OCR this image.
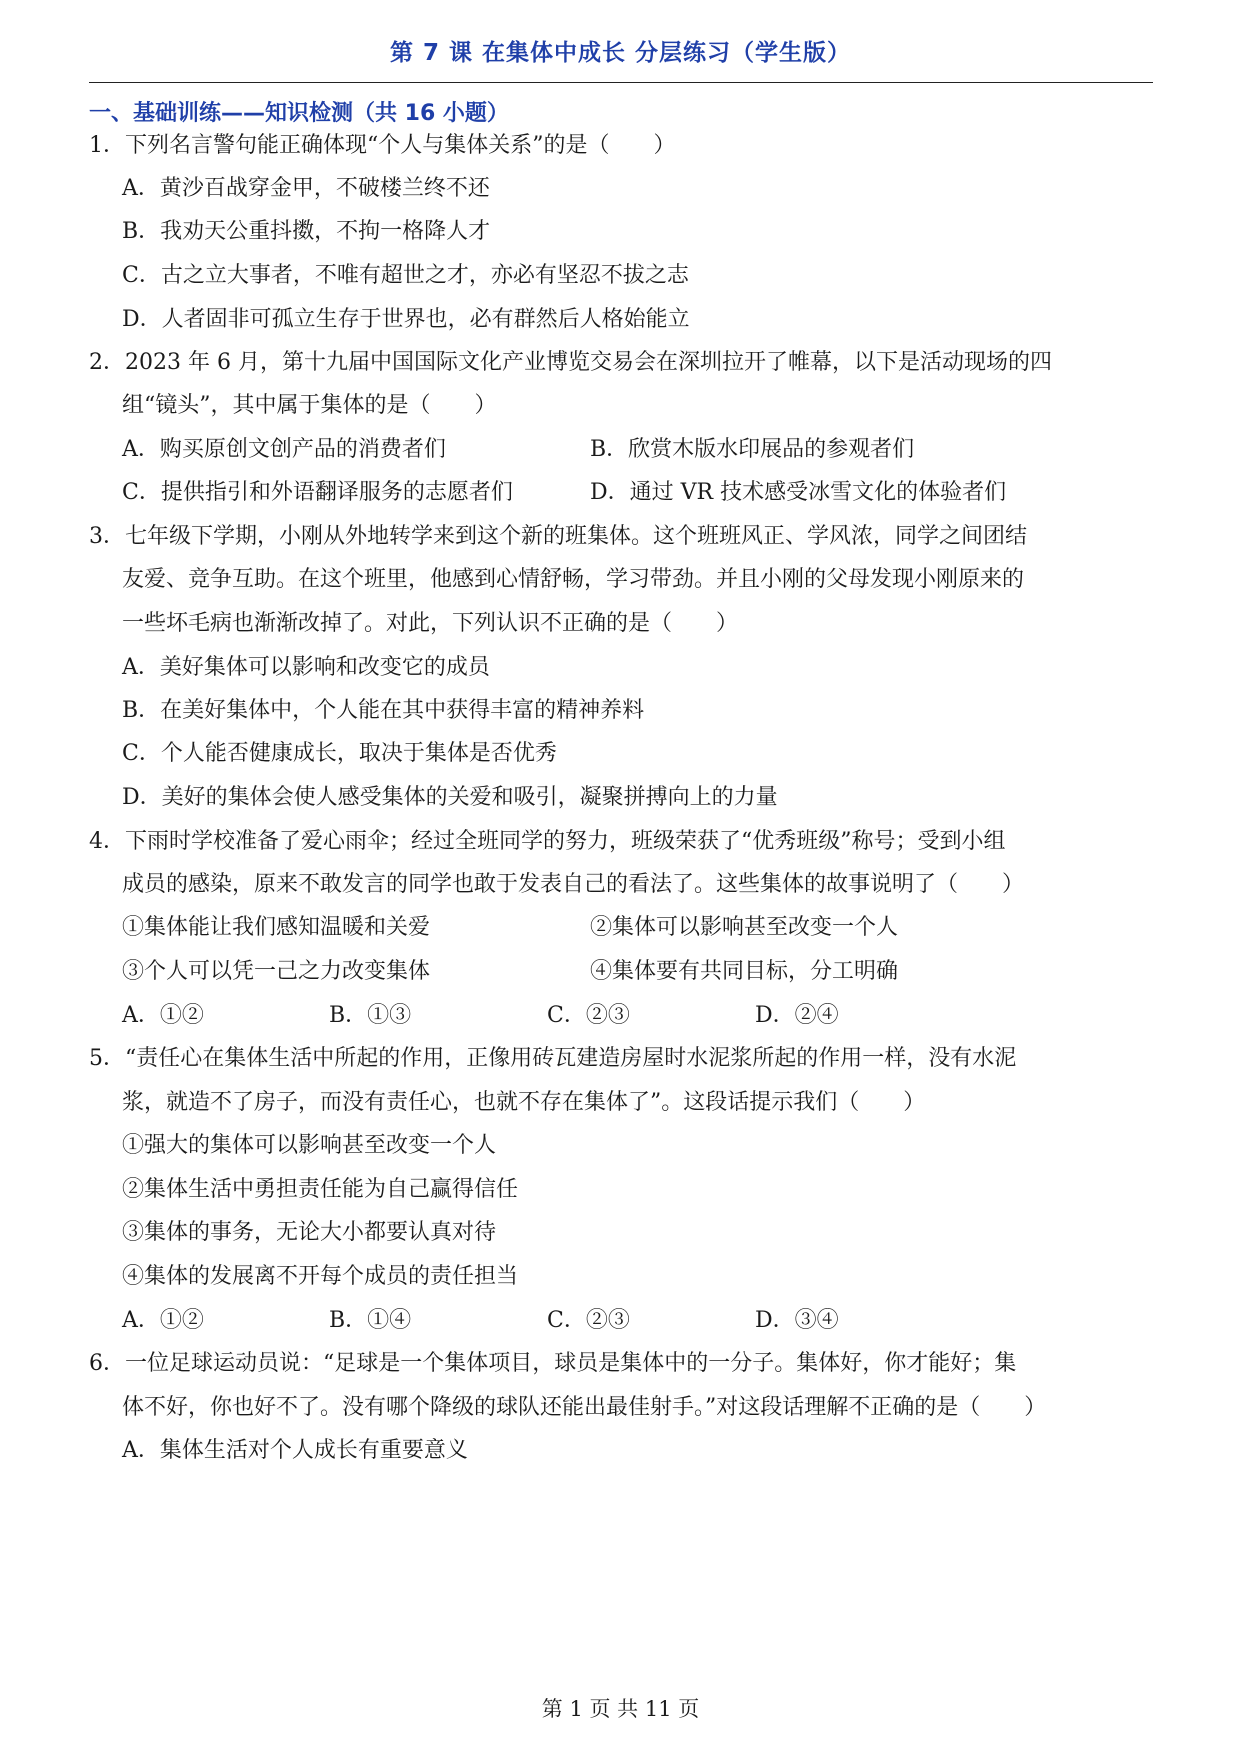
第 7 课 在集体中成长 分层练习（学生版）
一、基础训练——知识检测（共 16 小题）
1．下列名言警句能正确体现“个人与集体关系”的是（　　）
A．黄沙百战穿金甲，不破楼兰终不还
B．我劝天公重抖擞，不拘一格降人才
C．古之立大事者，不唯有超世之才，亦必有坚忍不拔之志
D．人者固非可孤立生存于世界也，必有群然后人格始能立
2．2023 年 6 月，第十九届中国国际文化产业博览交易会在深圳拉开了帷幕，以下是活动现场的四
组“镜头”，其中属于集体的是（　　）
A．购买原创文创产品的消费者们	B．欣赏木版水印展品的参观者们
C．提供指引和外语翻译服务的志愿者们	D．通过 VR 技术感受冰雪文化的体验者们
3．七年级下学期，小刚从外地转学来到这个新的班集体。这个班班风正、学风浓，同学之间团结
友爱、竞争互助。在这个班里，他感到心情舒畅，学习带劲。并且小刚的父母发现小刚原来的
一些坏毛病也渐渐改掉了。对此，下列认识不正确的是（　　）
A．美好集体可以影响和改变它的成员
B．在美好集体中，个人能在其中获得丰富的精神养料
C．个人能否健康成长，取决于集体是否优秀
D．美好的集体会使人感受集体的关爱和吸引，凝聚拼搏向上的力量
4．下雨时学校准备了爱心雨伞；经过全班同学的努力，班级荣获了“优秀班级”称号；受到小组
成员的感染，原来不敢发言的同学也敢于发表自己的看法了。这些集体的故事说明了（　　）
①集体能让我们感知温暖和关爱	②集体可以影响甚至改变一个人
③个人可以凭一己之力改变集体	④集体要有共同目标，分工明确
A．①②	B．①③	C．②③	D．②④
5．“责任心在集体生活中所起的作用，正像用砖瓦建造房屋时水泥浆所起的作用一样，没有水泥
浆，就造不了房子，而没有责任心，也就不存在集体了”。这段话提示我们（　　）
①强大的集体可以影响甚至改变一个人
②集体生活中勇担责任能为自己赢得信任
③集体的事务，无论大小都要认真对待
④集体的发展离不开每个成员的责任担当
A．①②	B．①④	C．②③	D．③④
6．一位足球运动员说：“足球是一个集体项目，球员是集体中的一分子。集体好，你才能好；集
体不好，你也好不了。没有哪个降级的球队还能出最佳射手。”对这段话理解不正确的是（　　）
A．集体生活对个人成长有重要意义
第 1 页 共 11 页
